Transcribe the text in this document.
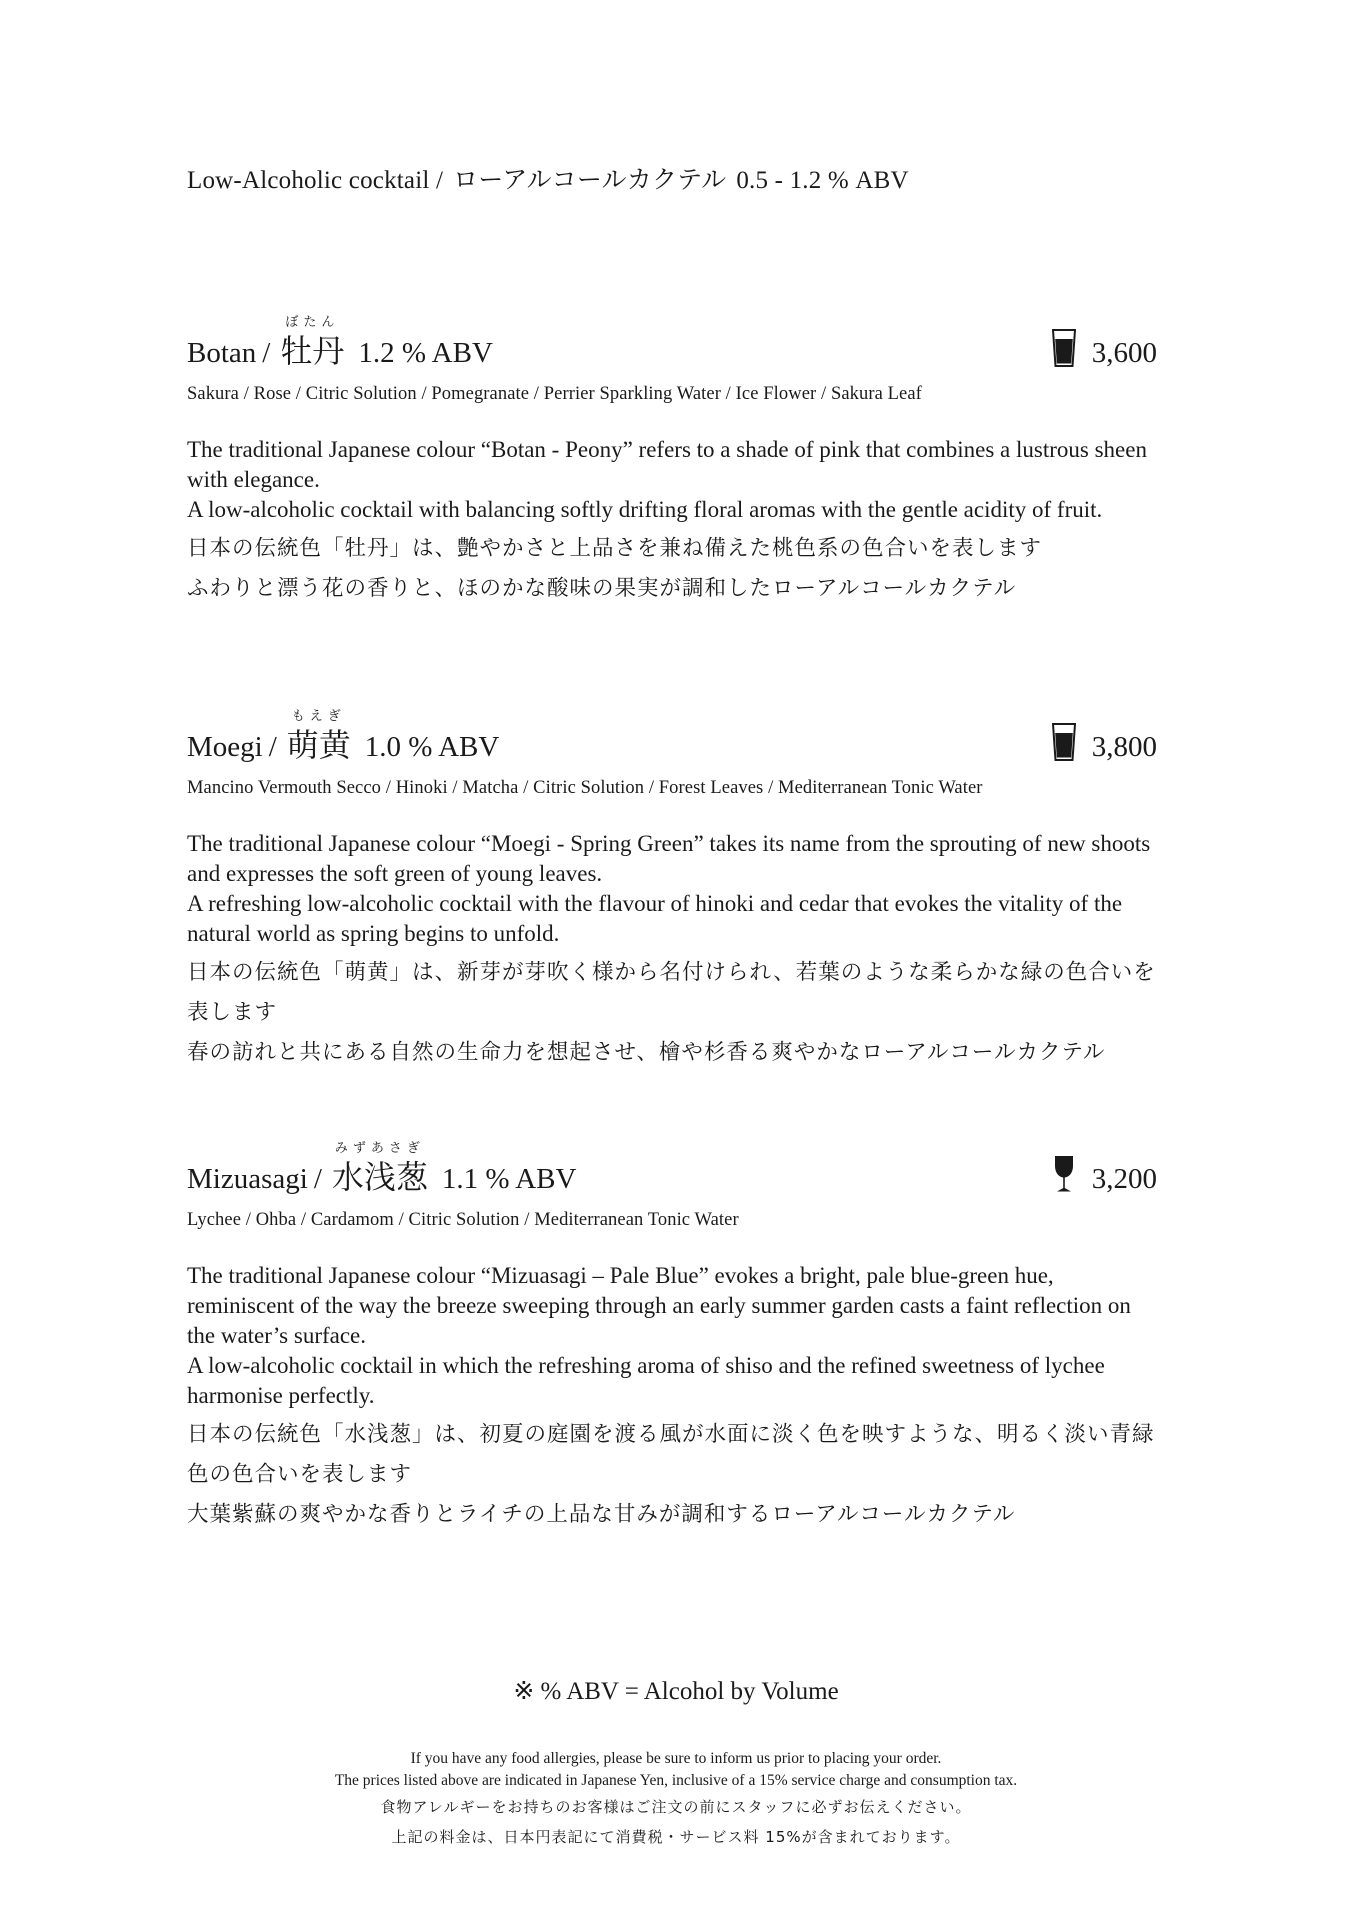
Low-Alcoholic cocktail / ローアルコールカクテル 0.5 - 1.2 % ABV
Botan /
ぼたん
牡丹 1.2 % ABV	3,600
Sakura / Rose / Citric Solution / Pomegranate / Perrier Sparkling Water / Ice Flower / Sakura Leaf

The traditional Japanese colour “Botan - Peony” refers to a shade of pink that combines a lustrous sheen with elegance.

A low-alcoholic cocktail with balancing softly drifting floral aromas with the gentle acidity of fruit.

日本の伝統色「牡丹」は、艶やかさと上品さを兼ね備えた桃色系の色合いを表します

ふわりと漂う花の香りと、ほのかな酸味の果実が調和したローアルコールカクテル

Moegi /
もえぎ
萌黄 1.0 % ABV	3,800
Mancino Vermouth Secco / Hinoki / Matcha / Citric Solution / Forest Leaves / Mediterranean Tonic Water

The traditional Japanese colour “Moegi - Spring Green” takes its name from the sprouting of new shoots and expresses the soft green of young leaves.

A refreshing low-alcoholic cocktail with the flavour of hinoki and cedar that evokes the vitality of the natural world as spring begins to unfold.

日本の伝統色「萌黄」は、新芽が芽吹く様から名付けられ、若葉のような柔らかな緑の色合いを表します

春の訪れと共にある自然の生命力を想起させ、檜や杉香る爽やかなローアルコールカクテル

Mizuasagi /
みずあさぎ
水浅葱 1.1 % ABV	3,200
Lychee / Ohba / Cardamom / Citric Solution / Mediterranean Tonic Water

The traditional Japanese colour “Mizuasagi – Pale Blue” evokes a bright, pale blue-green hue, reminiscent of the way the breeze sweeping through an early summer garden casts a faint reflection on the water’s surface.

A low-alcoholic cocktail in which the refreshing aroma of shiso and the refined sweetness of lychee harmonise perfectly.

日本の伝統色「水浅葱」は、初夏の庭園を渡る風が水面に淡く色を映すような、明るく淡い青緑色の色合いを表します

大葉紫蘇の爽やかな香りとライチの上品な甘みが調和するローアルコールカクテル

※ % ABV = Alcohol by Volume
If you have any food allergies, please be sure to inform us prior to placing your order.
The prices listed above are indicated in Japanese Yen, inclusive of a 15% service charge and consumption tax.
食物アレルギーをお持ちのお客様はご注文の前にスタッフに必ずお伝えください。
上記の料金は、日本円表記にて消費税・サービス料 15%が含まれております。
